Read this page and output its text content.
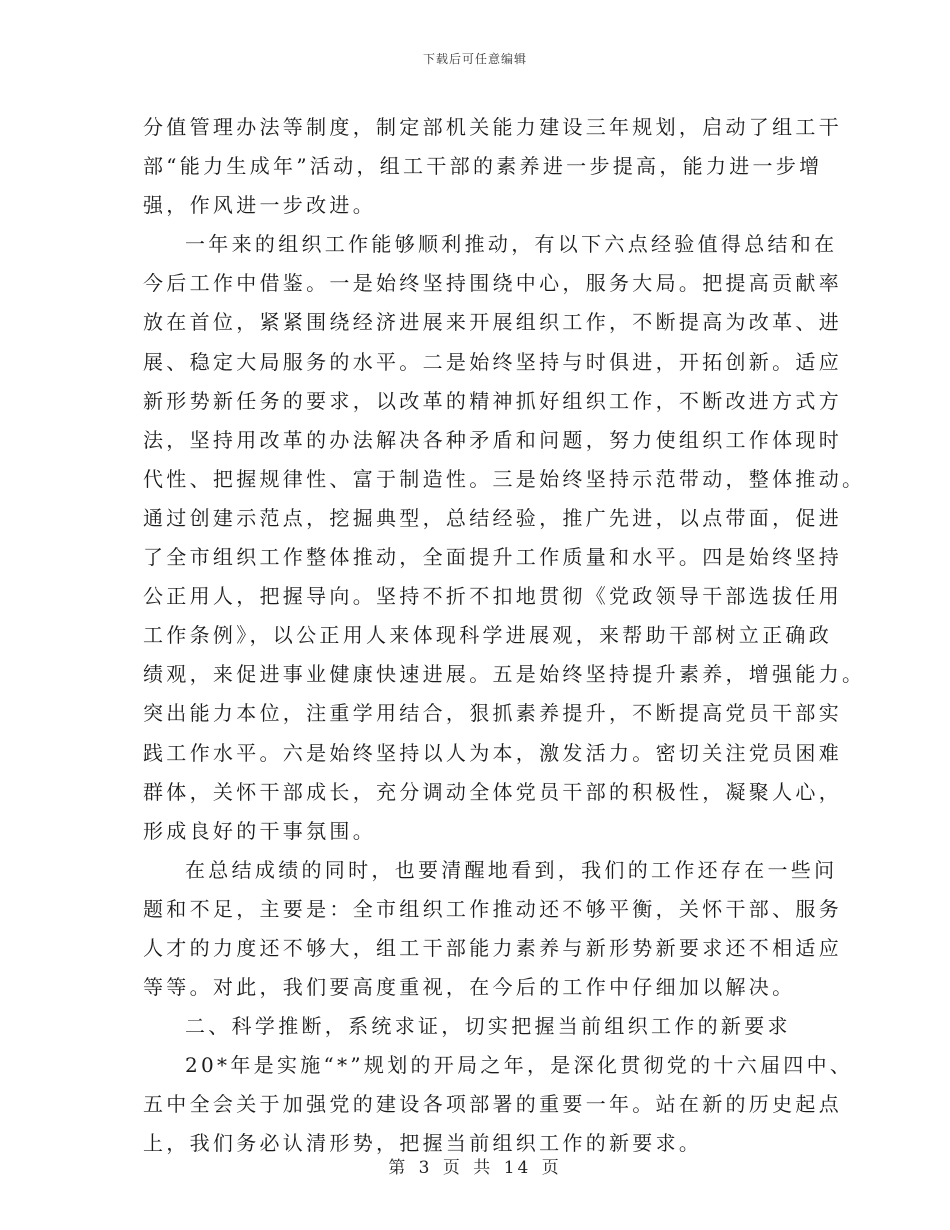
下载后可任意编辑
分值管理办法等制度，制定部机关能力建设三年规划，启动了组工干
部“能力生成年”活动，组工干部的素养进一步提高，能力进一步增
强，作风进一步改进。
一年来的组织工作能够顺利推动，有以下六点经验值得总结和在
今后工作中借鉴。一是始终坚持围绕中心，服务大局。把提高贡献率
放在首位，紧紧围绕经济进展来开展组织工作，不断提高为改革、进
展、稳定大局服务的水平。二是始终坚持与时俱进，开拓创新。适应
新形势新任务的要求，以改革的精神抓好组织工作，不断改进方式方
法，坚持用改革的办法解决各种矛盾和问题，努力使组织工作体现时
代性、把握规律性、富于制造性。三是始终坚持示范带动，整体推动。
通过创建示范点，挖掘典型，总结经验，推广先进，以点带面，促进
了全市组织工作整体推动，全面提升工作质量和水平。四是始终坚持
公正用人，把握导向。坚持不折不扣地贯彻《党政领导干部选拔任用
工作条例》，以公正用人来体现科学进展观，来帮助干部树立正确政
绩观，来促进事业健康快速进展。五是始终坚持提升素养，增强能力。
突出能力本位，注重学用结合，狠抓素养提升，不断提高党员干部实
践工作水平。六是始终坚持以人为本，激发活力。密切关注党员困难
群体，关怀干部成长，充分调动全体党员干部的积极性，凝聚人心，
形成良好的干事氛围。
在总结成绩的同时，也要清醒地看到，我们的工作还存在一些问
题和不足，主要是：全市组织工作推动还不够平衡，关怀干部、服务
人才的力度还不够大，组工干部能力素养与新形势新要求还不相适应
等等。对此，我们要高度重视，在今后的工作中仔细加以解决。
二、科学推断，系统求证，切实把握当前组织工作的新要求
20*年是实施“*”规划的开局之年，是深化贯彻党的十六届四中、
五中全会关于加强党的建设各项部署的重要一年。站在新的历史起点
上，我们务必认清形势，把握当前组织工作的新要求。
第 3 页 共 14 页
